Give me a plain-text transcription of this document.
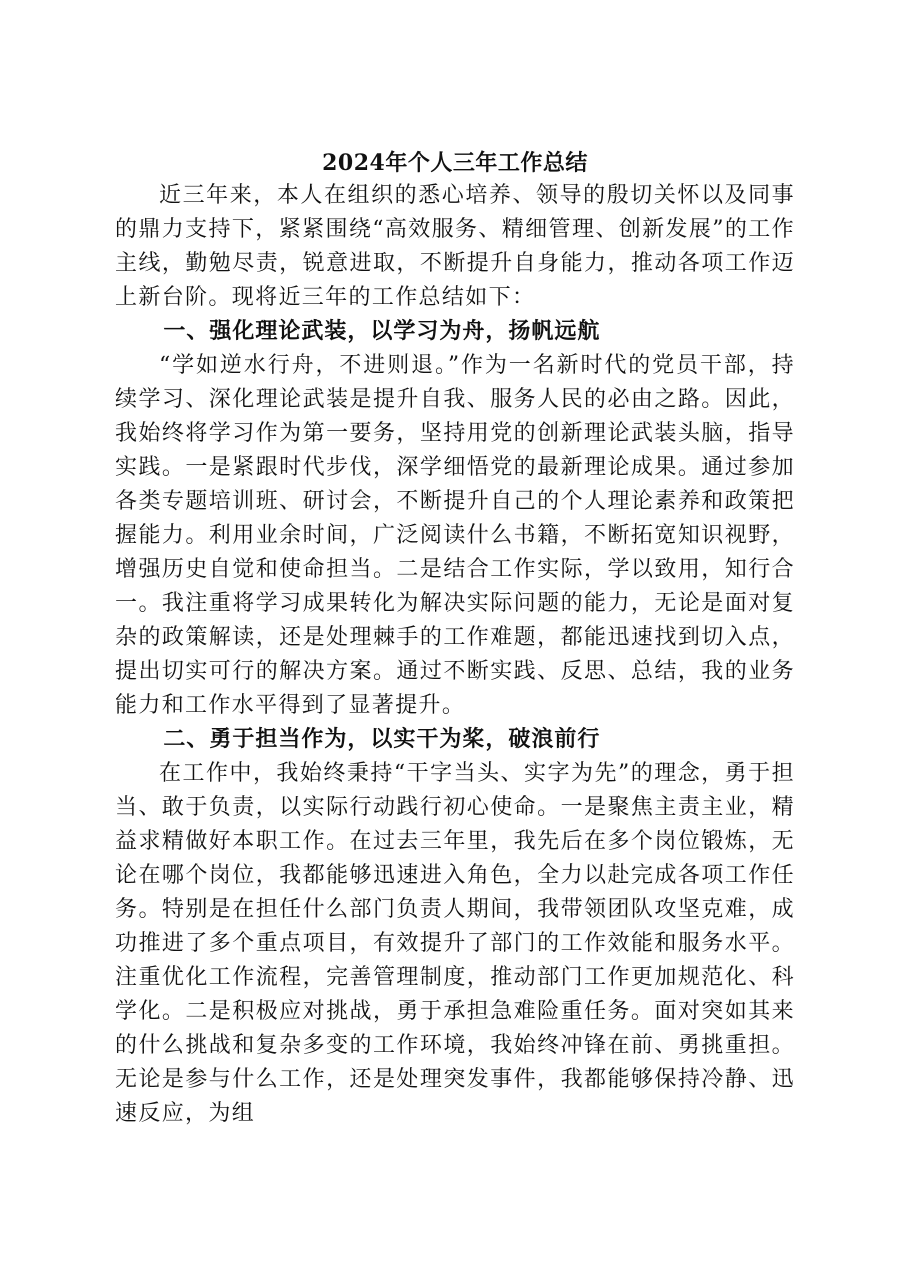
2024年个人三年工作总结

近三年来，本人在组织的悉心培养、领导的殷切关怀以及同事的鼎力支持下，紧紧围绕“高效服务、精细管理、创新发展”的工作主线，勤勉尽责，锐意进取，不断提升自身能力，推动各项工作迈上新台阶。现将近三年的工作总结如下：

一、强化理论武装，以学习为舟，扬帆远航

“学如逆水行舟，不进则退。”作为一名新时代的党员干部，持续学习、深化理论武装是提升自我、服务人民的必由之路。因此，我始终将学习作为第一要务，坚持用党的创新理论武装头脑，指导实践。一是紧跟时代步伐，深学细悟党的最新理论成果。通过参加各类专题培训班、研讨会，不断提升自己的个人理论素养和政策把握能力。利用业余时间，广泛阅读什么书籍，不断拓宽知识视野，增强历史自觉和使命担当。二是结合工作实际，学以致用，知行合一。我注重将学习成果转化为解决实际问题的能力，无论是面对复杂的政策解读，还是处理棘手的工作难题，都能迅速找到切入点，提出切实可行的解决方案。通过不断实践、反思、总结，我的业务能力和工作水平得到了显著提升。

二、勇于担当作为，以实干为桨，破浪前行

在工作中，我始终秉持“干字当头、实字为先”的理念，勇于担当、敢于负责，以实际行动践行初心使命。一是聚焦主责主业，精益求精做好本职工作。在过去三年里，我先后在多个岗位锻炼，无论在哪个岗位，我都能够迅速进入角色，全力以赴完成各项工作任务。特别是在担任什么部门负责人期间，我带领团队攻坚克难，成功推进了多个重点项目，有效提升了部门的工作效能和服务水平。注重优化工作流程，完善管理制度，推动部门工作更加规范化、科学化。二是积极应对挑战，勇于承担急难险重任务。面对突如其来的什么挑战和复杂多变的工作环境，我始终冲锋在前、勇挑重担。无论是参与什么工作，还是处理突发事件，我都能够保持冷静、迅速反应，为组
